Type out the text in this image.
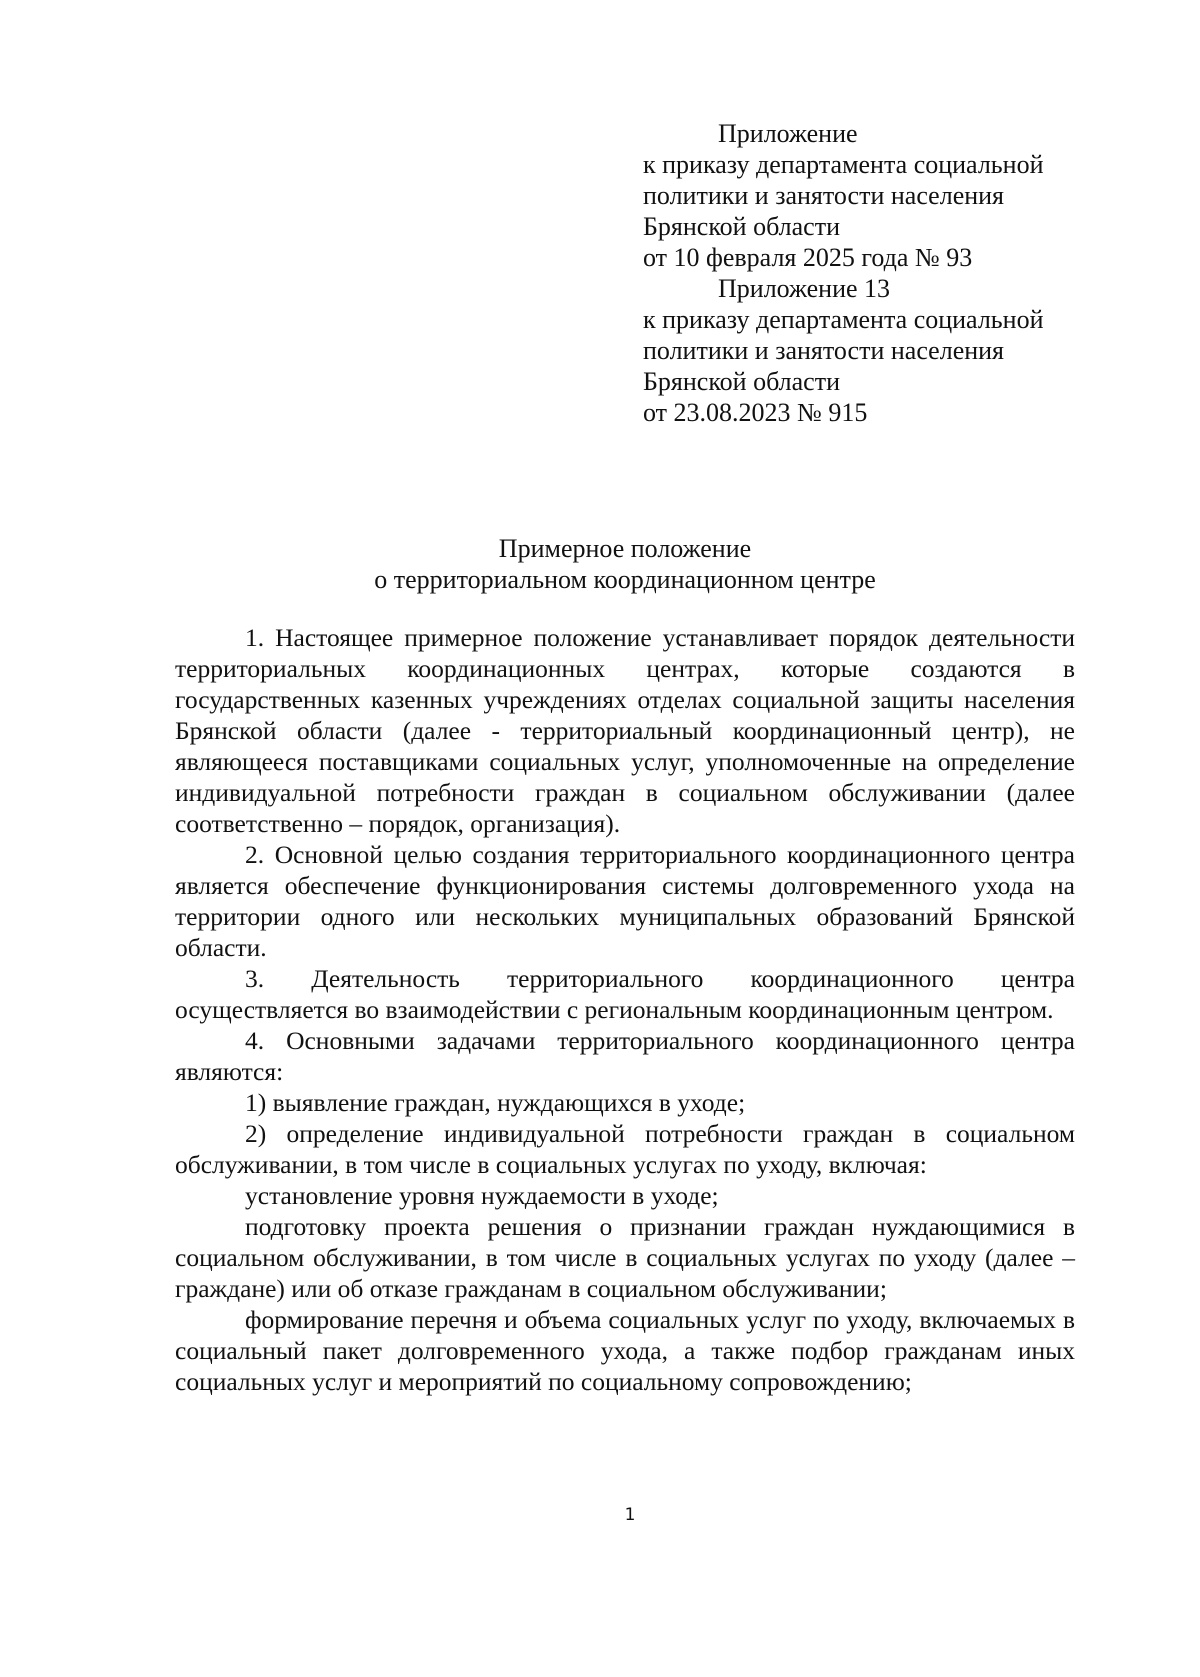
Приложение
к приказу департамента социальной
политики и занятости населения
Брянской области
от 10 февраля 2025 года № 93
Приложение 13
к приказу департамента социальной
политики и занятости населения
Брянской области
от 23.08.2023 № 915
Примерное положение
о территориальном координационном центре

1. Настоящее примерное положение устанавливает порядок деятельности территориальных координационных центрах, которые создаются в государственных казенных учреждениях отделах социальной защиты населения Брянской области (далее - территориальный координационный центр), не являющееся поставщиками социальных услуг, уполномоченные на определение индивидуальной потребности граждан в социальном обслуживании (далее соответственно – порядок, организация).

2. Основной целью создания территориального координационного центра является обеспечение функционирования системы долговременного ухода на территории одного или нескольких муниципальных образований Брянской области.

3. Деятельность территориального координационного центра осуществляется во взаимодействии с региональным координационным центром.

4. Основными задачами территориального координационного центра являются:

1) выявление граждан, нуждающихся в уходе;

2) определение индивидуальной потребности граждан в социальном обслуживании, в том числе в социальных услугах по уходу, включая:

установление уровня нуждаемости в уходе;

подготовку проекта решения о признании граждан нуждающимися в социальном обслуживании, в том числе в социальных услугах по уходу (далее – граждане) или об отказе гражданам в социальном обслуживании;

формирование перечня и объема социальных услуг по уходу, включаемых в социальный пакет долговременного ухода, а также подбор гражданам иных социальных услуг и мероприятий по социальному сопровождению;

1
